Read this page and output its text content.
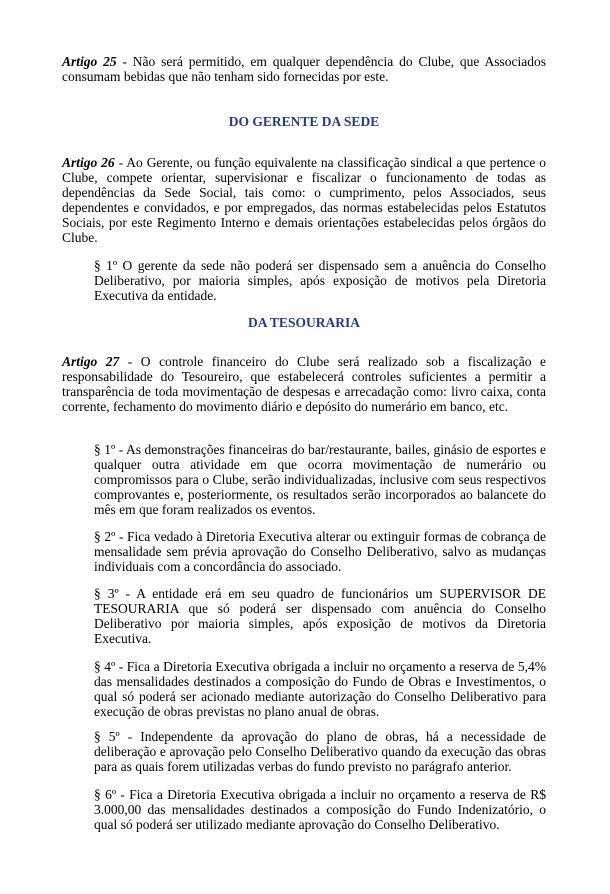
Artigo 25 - Não será permitido, em qualquer dependência do Clube, que Associados consumam bebidas que não tenham sido fornecidas por este.

DO GERENTE DA SEDE

Artigo 26 - Ao Gerente, ou função equivalente na classificação sindical a que pertence o Clube, compete orientar, supervisionar e fiscalizar o funcionamento de todas as dependências da Sede Social, tais como: o cumprimento, pelos Associados, seus dependentes e convidados, e por empregados, das normas estabelecidas pelos Estatutos Sociais, por este Regimento Interno e demais orientações estabelecidas pelos órgãos do Clube.

§ 1º O gerente da sede não poderá ser dispensado sem a anuência do Conselho Deliberativo, por maioria simples, após exposição de motivos pela Diretoria Executiva da entidade.

DA TESOURARIA

Artigo 27 - O controle financeiro do Clube será realizado sob a fiscalização e responsabilidade do Tesoureiro, que estabelecerá controles suficientes a permitir a transparência de toda movimentação de despesas e arrecadação como: livro caixa, conta corrente, fechamento do movimento diário e depósito do numerário em banco, etc.

§ 1º - As demonstrações financeiras do bar/restaurante, bailes, ginásio de esportes e qualquer outra atividade em que ocorra movimentação de numerário ou compromissos para o Clube, serão individualizadas, inclusive com seus respectivos comprovantes e, posteriormente, os resultados serão incorporados ao balancete do mês em que foram realizados os eventos.

§ 2º - Fica vedado à Diretoria Executiva alterar ou extinguir formas de cobrança de mensalidade sem prévia aprovação do Conselho Deliberativo, salvo as mudanças individuais com a concordância do associado.

§ 3º - A entidade erá em seu quadro de funcionários um SUPERVISOR DE TESOURARIA que só poderá ser dispensado com anuência do Conselho Deliberativo por maioria simples, após exposição de motivos da Diretoria Executiva.

§ 4º - Fica a Diretoria Executiva obrigada a incluir no orçamento a reserva de 5,4% das mensalidades destinados a composição do Fundo de Obras e Investimentos, o qual só poderá ser acionado mediante autorização do Conselho Deliberativo para execução de obras previstas no plano anual de obras.

§ 5º - Independente da aprovação do plano de obras, há a necessidade de deliberação e aprovação pelo Conselho Deliberativo quando da execução das obras para as quais forem utilizadas verbas do fundo previsto no parágrafo anterior.

§ 6º - Fica a Diretoria Executiva obrigada a incluir no orçamento a reserva de R$ 3.000,00 das mensalidades destinados a composição do Fundo Indenizatório, o qual só poderá ser utilizado mediante aprovação do Conselho Deliberativo.
